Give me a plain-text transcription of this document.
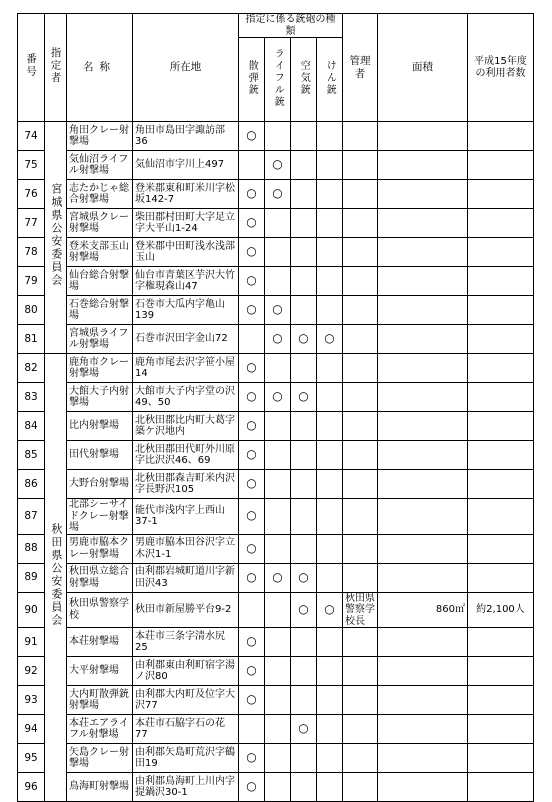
番号	指定者	名称	所在地	指定に係る銃砲の種類				管理者	面積	平成15年度の利用者数
				散弾銃	ライフル銃	空気銃	けん銃			
74	宮城県公安委員会	角田クレー射撃場	角田市島田字諏訪部36	○						
75		気仙沼ライフル射撃場	気仙沼市字川上497		○					
76		志たかじゃ総合射撃場	登米郡東和町米川字松坂142-7	○	○					
77		宮城県クレー射撃場	柴田郡村田町大字足立字大平山1-24	○						
78		登米支部玉山射撃場	登米郡中田町浅水浅部玉山	○						
79		仙台総合射撃場	仙台市青葉区芋沢大竹字権現森山47	○						
80		石巻総合射撃場	石巻市大瓜内字亀山139	○	○					
81		宮城県ライフル射撃場	石巻市沢田字金山72		○	○	○			
82	秋田県公安委員会	鹿角市クレー射撃場	鹿角市尾去沢字笹小屋14	○						
83		大館大子内射撃場	大館市大子内字堂の沢49、50	○	○	○				
84		比内射撃場	北秋田郡比内町大葛字築ケ沢地内	○						
85		田代射撃場	北秋田郡田代町外川原字比沢沢46、69	○						
86		大野台射撃場	北秋田郡森吉町米内沢字長野沢105	○						
87		北部シーサイドクレー射撃場	能代市浅内字上西山37-1	○						
88		男鹿市脇本クレー射撃場	男鹿市脇本田谷沢字立木沢1-1	○						
89		秋田県立総合射撃場	由利郡岩城町道川字新田沢43	○	○	○				
90		秋田県警察学校	秋田市新屋勝平台9-2			○	○	秋田県警察学校長	860㎡	約2,100人
91		本荘射撃場	本荘市三条字清水尻25	○						
92		大平射撃場	由利郡東由利町宿字湯ノ沢80	○						
93		大内町散弾銃射撃場	由利郡大内町及位字大沢77	○						
94		本荘エアライフル射撃場	本荘市石脇字石の花77			○				
95		矢島クレー射撃場	由利郡矢島町荒沢字鶴田19	○						
96		鳥海町射撃場	由利郡鳥海町上川内字提鍋沢30-1	○						
